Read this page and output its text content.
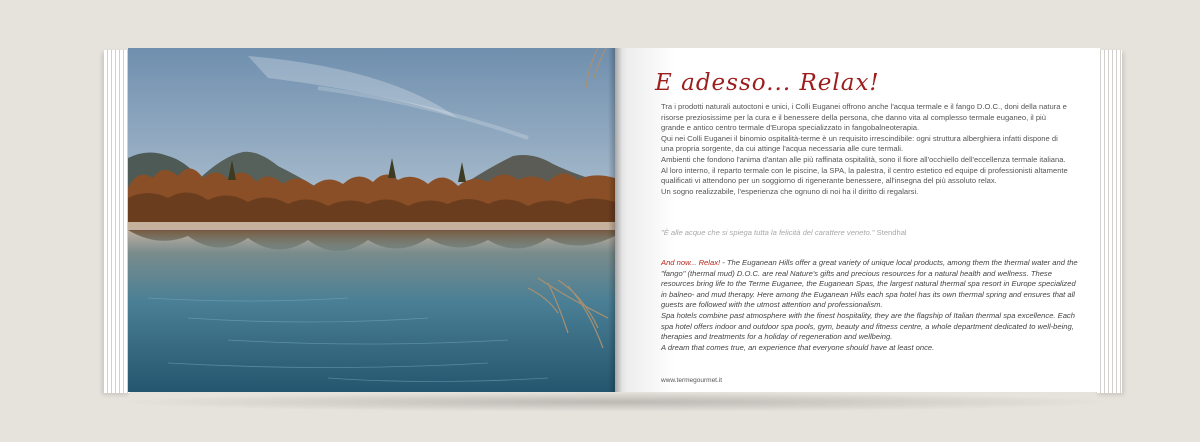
E adesso... Relax!

Tra i prodotti naturali autoctoni e unici, i Colli Euganei offrono anche l'acqua termale e il fango D.O.C., doni della natura e risorse preziosissime per la cura e il benessere della persona, che danno vita al complesso termale euganeo, il più grande e antico centro termale d'Europa specializzato in fangobalneoterapia.

Qui nei Colli Euganei il binomio ospitalità-terme è un requisito irrescindibile: ogni struttura alberghiera infatti dispone di una propria sorgente, da cui attinge l'acqua necessaria alle cure termali.

Ambienti che fondono l'anima d'antan alle più raffinata ospitalità, sono il fiore all'occhiello dell'eccellenza termale italiana. Al loro interno, il reparto termale con le piscine, la SPA, la palestra, il centro estetico ed equipe di professionisti altamente qualificati vi attendono per un soggiorno di rigenerante benessere, all'insegna del più assoluto relax.

Un sogno realizzabile, l'esperienza che ognuno di noi ha il diritto di regalarsi.

"È alle acque che si spiega tutta la felicità del carattere veneto." Stendhal

And now... Relax! - The Euganean Hills offer a great variety of unique local products, among them the thermal water and the "fango" (thermal mud) D.O.C. are real Nature's gifts and precious resources for a natural health and wellness. These resources bring life to the Terme Euganee, the Euganean Spas, the largest natural thermal spa resort in Europe specialized in balneo- and mud therapy. Here among the Euganean Hills each spa hotel has its own thermal spring and ensures that all guests are followed with the utmost attention and professionalism.

Spa hotels combine past atmosphere with the finest hospitality, they are the flagship of Italian thermal spa excellence. Each spa hotel offers indoor and outdoor spa pools, gym, beauty and fitness centre, a whole department dedicated to well-being, therapies and treatments for a holiday of regeneration and wellbeing.

A dream that comes true, an experience that everyone should have at least once.

www.termegourmet.it
